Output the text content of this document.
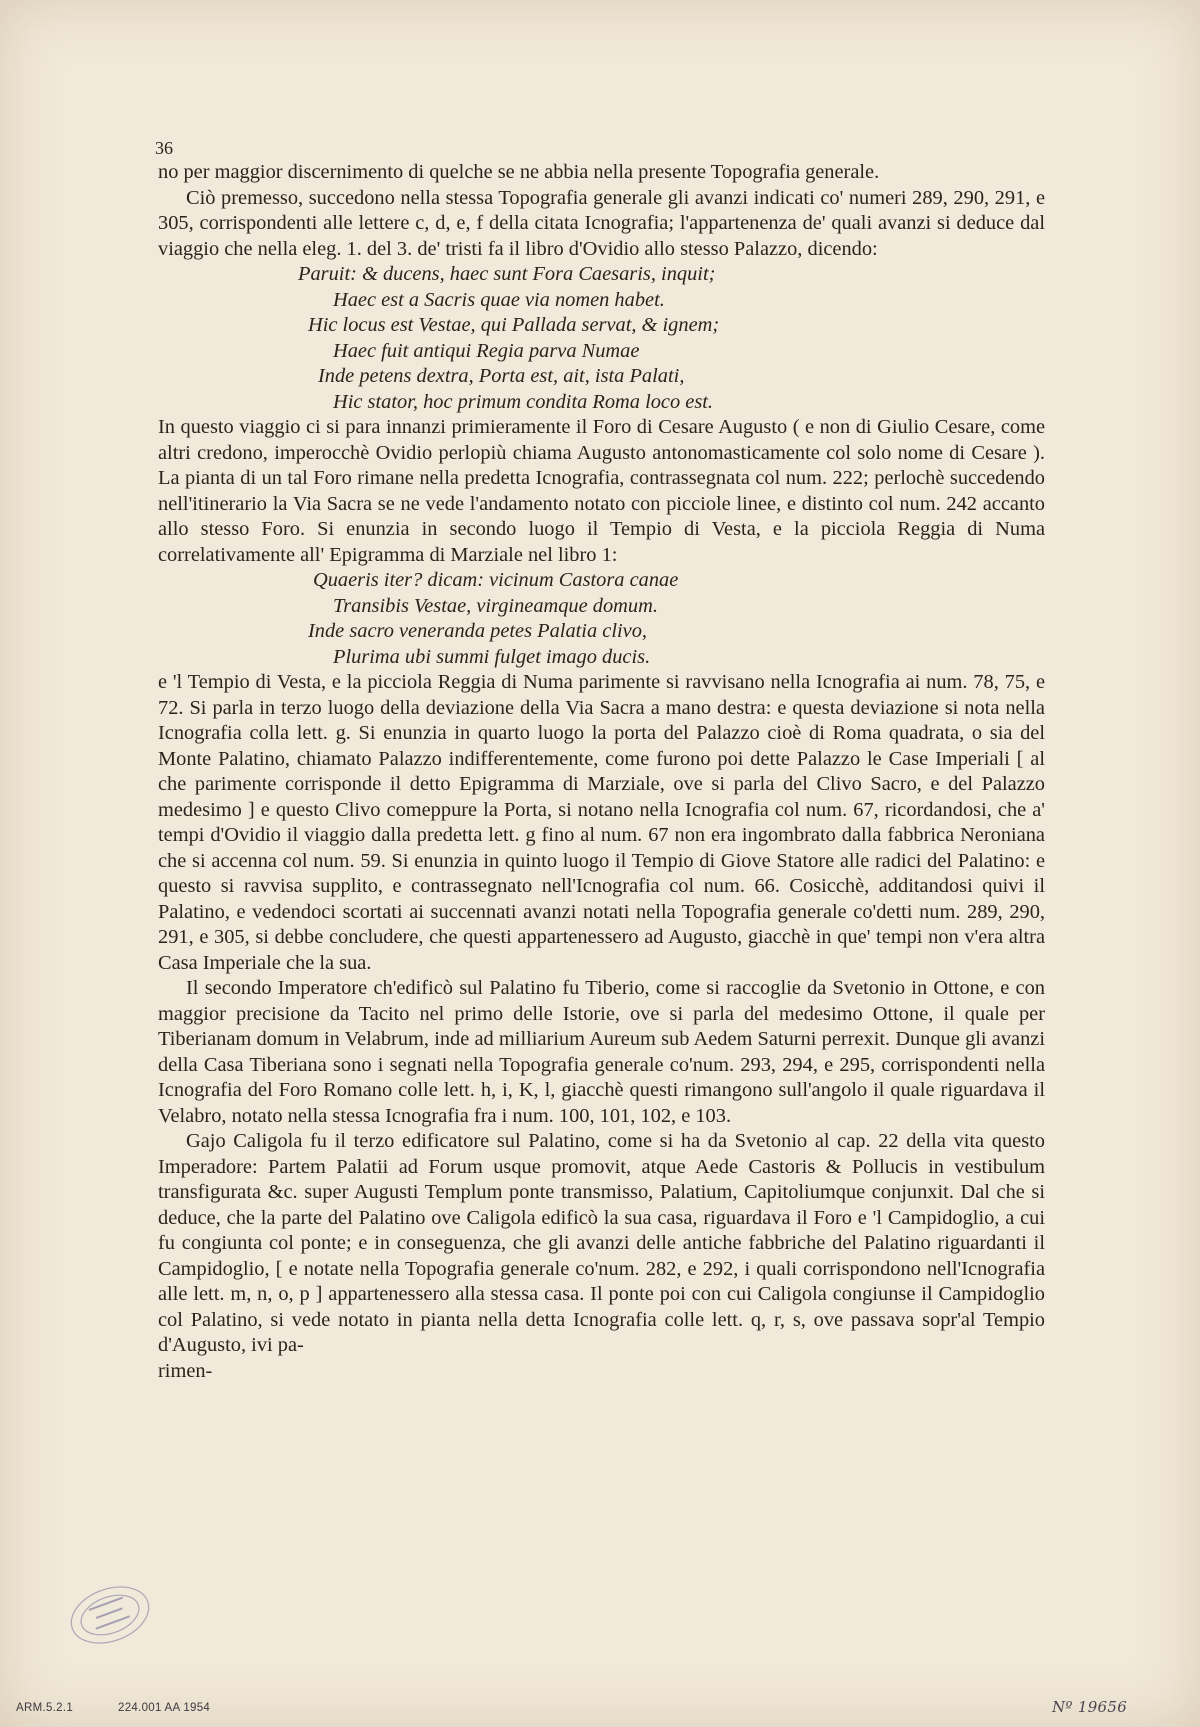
36

no per maggior discernimento di quelche se ne abbia nella presente Topografia generale.

Ciò premesso, succedono nella stessa Topografia generale gli avanzi indicati co' numeri 289, 290, 291, e 305, corrispondenti alle lettere c, d, e, f della citata Icnografia; l'appartenenza de' quali avanzi si deduce dal viaggio che nella eleg. 1. del 3. de' tristi fa il libro d'Ovidio allo stesso Palazzo, dicendo:

Paruit: & ducens, haec sunt Fora Caesaris, inquit;

Haec est a Sacris quae via nomen habet.

Hic locus est Vestae, qui Pallada servat, & ignem;

Haec fuit antiqui Regia parva Numae

Inde petens dextra, Porta est, ait, ista Palati,

Hic stator, hoc primum condita Roma loco est.

In questo viaggio ci si para innanzi primieramente il Foro di Cesare Augusto ( e non di Giulio Cesare, come altri credono, imperocchè Ovidio perlopiù chiama Augusto antonomasticamente col solo nome di Cesare ). La pianta di un tal Foro rimane nella predetta Icnografia, contrassegnata col num. 222; perlochè succedendo nell'itinerario la Via Sacra se ne vede l'andamento notato con picciole linee, e distinto col num. 242 accanto allo stesso Foro. Si enunzia in secondo luogo il Tempio di Vesta, e la picciola Reggia di Numa correlativamente all' Epigramma di Marziale nel libro 1:

Quaeris iter? dicam: vicinum Castora canae

Transibis Vestae, virgineamque domum.

Inde sacro veneranda petes Palatia clivo,

Plurima ubi summi fulget imago ducis.

e 'l Tempio di Vesta, e la picciola Reggia di Numa parimente si ravvisano nella Icnografia ai num. 78, 75, e 72. Si parla in terzo luogo della deviazione della Via Sacra a mano destra: e questa deviazione si nota nella Icnografia colla lett. g. Si enunzia in quarto luogo la porta del Palazzo cioè di Roma quadrata, o sia del Monte Palatino, chiamato Palazzo indifferentemente, come furono poi dette Palazzo le Case Imperiali [ al che parimente corrisponde il detto Epigramma di Marziale, ove si parla del Clivo Sacro, e del Palazzo medesimo ] e questo Clivo comeppure la Porta, si notano nella Icnografia col num. 67, ricordandosi, che a' tempi d'Ovidio il viaggio dalla predetta lett. g fino al num. 67 non era ingombrato dalla fabbrica Neroniana che si accenna col num. 59. Si enunzia in quinto luogo il Tempio di Giove Statore alle radici del Palatino: e questo si ravvisa supplito, e contrassegnato nell'Icnografia col num. 66. Cosicchè, additandosi quivi il Palatino, e vedendoci scortati ai succennati avanzi notati nella Topografia generale co'detti num. 289, 290, 291, e 305, si debbe concludere, che questi appartenessero ad Augusto, giacchè in que' tempi non v'era altra Casa Imperiale che la sua.

Il secondo Imperatore ch'edificò sul Palatino fu Tiberio, come si raccoglie da Svetonio in Ottone, e con maggior precisione da Tacito nel primo delle Istorie, ove si parla del medesimo Ottone, il quale per Tiberianam domum in Velabrum, inde ad milliarium Aureum sub Aedem Saturni perrexit. Dunque gli avanzi della Casa Tiberiana sono i segnati nella Topografia generale co'num. 293, 294, e 295, corrispondenti nella Icnografia del Foro Romano colle lett. h, i, K, l, giacchè questi rimangono sull'angolo il quale riguardava il Velabro, notato nella stessa Icnografia fra i num. 100, 101, 102, e 103.

Gajo Caligola fu il terzo edificatore sul Palatino, come si ha da Svetonio al cap. 22 della vita questo Imperadore: Partem Palatii ad Forum usque promovit, atque Aede Castoris & Pollucis in vestibulum transfigurata &c. super Augusti Templum ponte transmisso, Palatium, Capitoliumque conjunxit. Dal che si deduce, che la parte del Palatino ove Caligola edificò la sua casa, riguardava il Foro e 'l Campidoglio, a cui fu congiunta col ponte; e in conseguenza, che gli avanzi delle antiche fabbriche del Palatino riguardanti il Campidoglio, [ e notate nella Topografia generale co'num. 282, e 292, i quali corrispondono nell'Icnografia alle lett. m, n, o, p ] appartenessero alla stessa casa. Il ponte poi con cui Caligola congiunse il Campidoglio col Palatino, si vede notato in pianta nella detta Icnografia colle lett. q, r, s, ove passava sopr'al Tempio d'Augusto, ivi pa-

rimen-

ARM.5.2.1	224.001 AA 1954	Nº 19656
